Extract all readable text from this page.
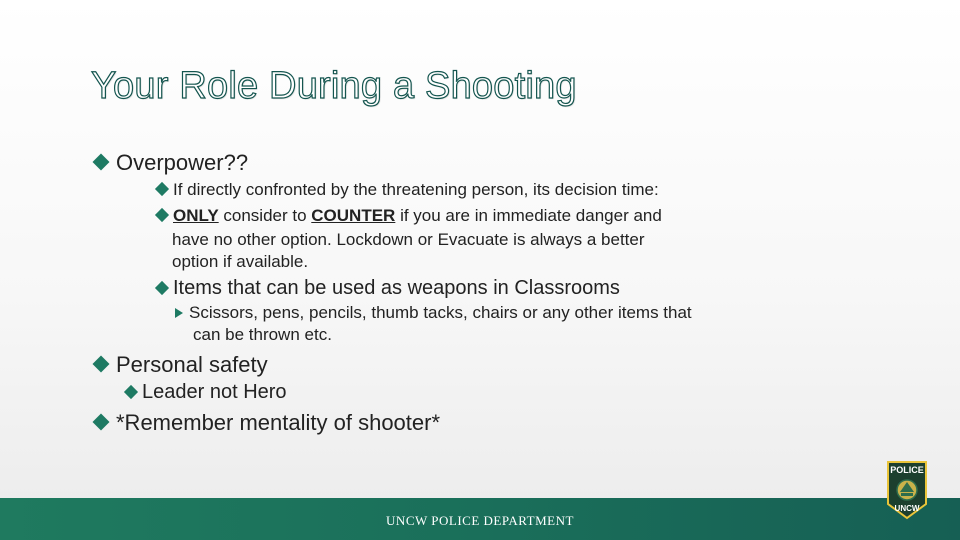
Your Role During a Shooting
Overpower??
If directly confronted by the threatening person, its decision time:
ONLY consider to COUNTER if you are in immediate danger and
have no other option. Lockdown or Evacuate is always a better
option if available.
Items that can be used as weapons in Classrooms
Scissors, pens, pencils, thumb tacks, chairs or any other items that
can be thrown etc.
Personal safety
Leader not Hero
*Remember mentality of shooter*
UNCW POLICE DEPARTMENT
POLICE
UNCW
